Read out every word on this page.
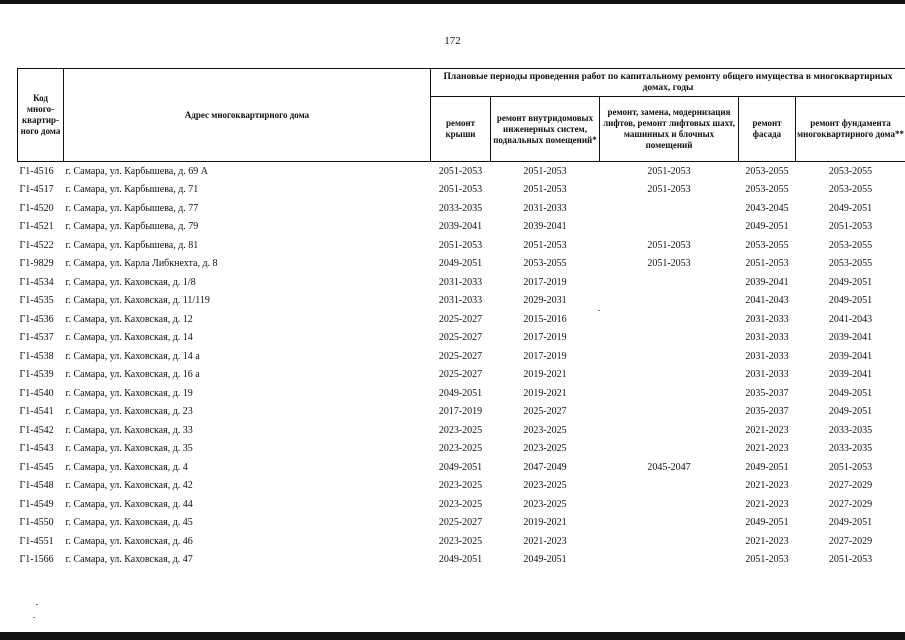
172
Код много-квартир-ного дома	Адрес многоквартирного дома	Плановые периоды проведения работ по капитальному ремонту общего имущества в многоквартирных домах, годы				
		ремонт крыши	ремонт внутридомовых инженерных систем, подвальных помещений*	ремонт, замена, модернизация лифтов, ремонт лифтовых шахт, машинных и блочных помещений	ремонт фасада	ремонт фундамента многоквартирного дома**
Г1-4516	г. Самара, ул. Карбышева, д. 69 А	2051-2053	2051-2053	2051-2053	2053-2055	2053-2055
Г1-4517	г. Самара, ул. Карбышева, д. 71	2051-2053	2051-2053	2051-2053	2053-2055	2053-2055
Г1-4520	г. Самара, ул. Карбышева, д. 77	2033-2035	2031-2033		2043-2045	2049-2051
Г1-4521	г. Самара, ул. Карбышева, д. 79	2039-2041	2039-2041		2049-2051	2051-2053
Г1-4522	г. Самара, ул. Карбышева, д. 81	2051-2053	2051-2053	2051-2053	2053-2055	2053-2055
Г1-9829	г. Самара, ул. Карла Либкнехта, д. 8	2049-2051	2053-2055	2051-2053	2051-2053	2053-2055
Г1-4534	г. Самара, ул. Каховская, д. 1/8	2031-2033	2017-2019		2039-2041	2049-2051
Г1-4535	г. Самара, ул. Каховская, д. 11/119	2031-2033	2029-2031		2041-2043	2049-2051
Г1-4536	г. Самара, ул. Каховская, д. 12	2025-2027	2015-2016		2031-2033	2041-2043
Г1-4537	г. Самара, ул. Каховская, д. 14	2025-2027	2017-2019		2031-2033	2039-2041
Г1-4538	г. Самара, ул. Каховская, д. 14 а	2025-2027	2017-2019		2031-2033	2039-2041
Г1-4539	г. Самара, ул. Каховская, д. 16 а	2025-2027	2019-2021		2031-2033	2039-2041
Г1-4540	г. Самара, ул. Каховская, д. 19	2049-2051	2019-2021		2035-2037	2049-2051
Г1-4541	г. Самара, ул. Каховская, д. 23	2017-2019	2025-2027		2035-2037	2049-2051
Г1-4542	г. Самара, ул. Каховская, д. 33	2023-2025	2023-2025		2021-2023	2033-2035
Г1-4543	г. Самара, ул. Каховская, д. 35	2023-2025	2023-2025		2021-2023	2033-2035
Г1-4545	г. Самара, ул. Каховская, д. 4	2049-2051	2047-2049	2045-2047	2049-2051	2051-2053
Г1-4548	г. Самара, ул. Каховская, д. 42	2023-2025	2023-2025		2021-2023	2027-2029
Г1-4549	г. Самара, ул. Каховская, д. 44	2023-2025	2023-2025		2021-2023	2027-2029
Г1-4550	г. Самара, ул. Каховская, д. 45	2025-2027	2019-2021		2049-2051	2049-2051
Г1-4551	г. Самара, ул. Каховская, д. 46	2023-2025	2021-2023		2021-2023	2027-2029
Г1-1566	г. Самара, ул. Каховская, д. 47	2049-2051	2049-2051		2051-2053	2051-2053
